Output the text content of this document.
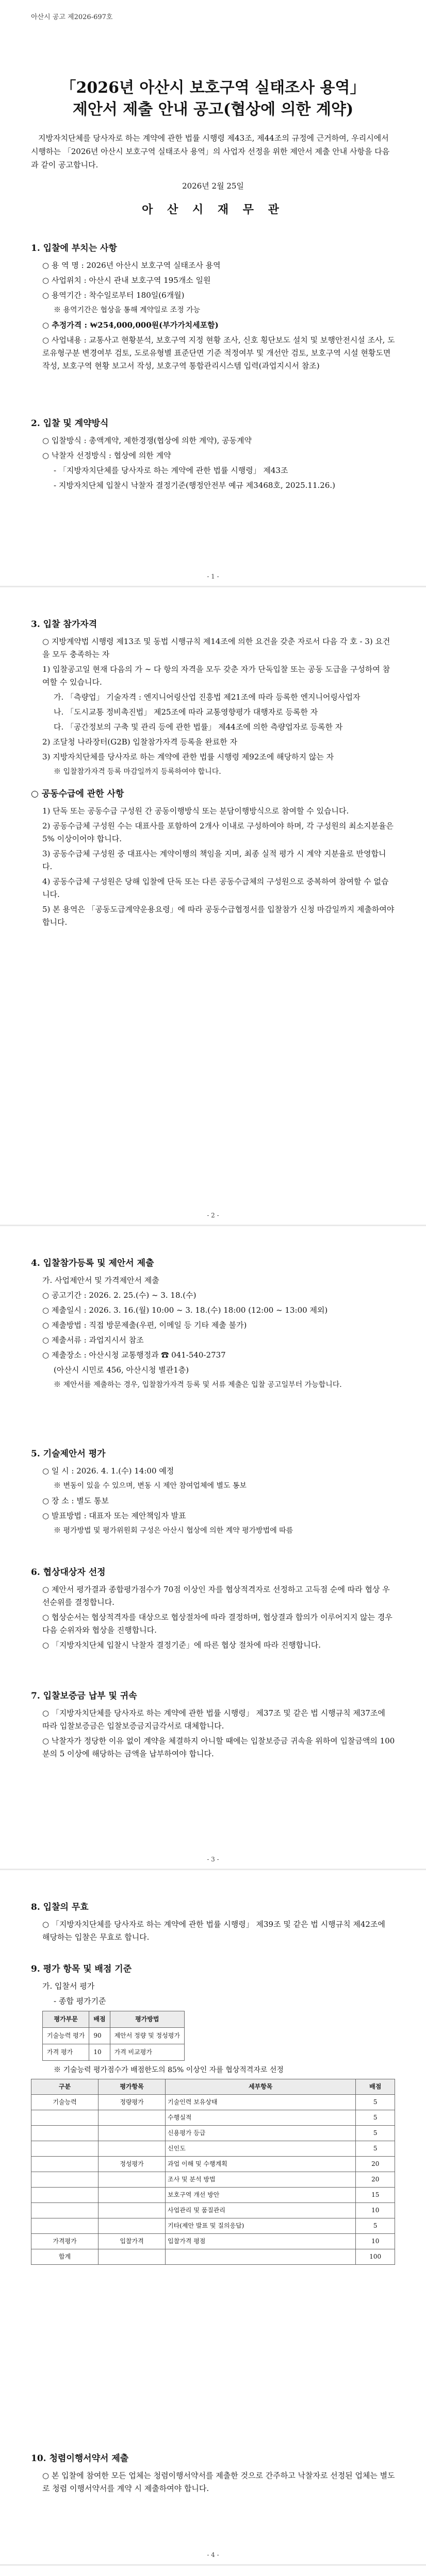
아산시 공고 제2026-697호
「2026년 아산시 보호구역 실태조사 용역」
제안서 제출 안내 공고(협상에 의한 계약)
지방자치단체를 당사자로 하는 계약에 관한 법률 시행령 제43조, 제44조의 규정에 근거하여, 우리시에서 시행하는 「2026년 아산시 보호구역 실태조사 용역」의 사업자 선정을 위한 제안서 제출 안내 사항을 다음과 같이 공고합니다.
2026년 2월 25일
아 산 시 재 무 관
1. 입찰에 부치는 사항

○ 용 역 명 : 2026년 아산시 보호구역 실태조사 용역

○ 사업위치 : 아산시 관내 보호구역 195개소 일원

○ 용역기간 : 착수일로부터 180일(6개월)

※ 용역기간은 협상을 통해 계약일로 조정 가능

○ 추정가격 : ₩254,000,000원(부가가치세포함)

○ 사업내용 : 교통사고 현황분석, 보호구역 지정 현황 조사, 신호 횡단보도 설치 및 보행안전시설 조사, 도로유형구분 변경여부 검토, 도로유형별 표준단면 기준 적정여부 및 개선안 검토, 보호구역 시설 현황도면 작성, 보호구역 현황 보고서 작성, 보호구역 통합관리시스템 입력(과업지시서 참조)

2. 입찰 및 계약방식

○ 입찰방식 : 총액계약, 제한경쟁(협상에 의한 계약), 공동계약

○ 낙찰자 선정방식 : 협상에 의한 계약

- 「지방자치단체를 당사자로 하는 계약에 관한 법률 시행령」 제43조

- 지방자치단체 입찰시 낙찰자 결정기준(행정안전부 예규 제3468호, 2025.11.26.)

- 1 -
3. 입찰 참가자격

○ 지방계약법 시행령 제13조 및 동법 시행규칙 제14조에 의한 요건을 갖춘 자로서 다음 각 호 - 3) 요건을 모두 충족하는 자

1) 입찰공고일 현재 다음의 가 ~ 다 항의 자격을 모두 갖춘 자가 단독입찰 또는 공동 도급을 구성하여 참여할 수 있습니다.

가. 「측량업」 기술자격 : 엔지니어링산업 진흥법 제21조에 따라 등록한 엔지니어링사업자

나. 「도시교통 정비촉진법」 제25조에 따라 교통영향평가 대행자로 등록한 자

다. 「공간정보의 구축 및 관리 등에 관한 법률」 제44조에 의한 측량업자로 등록한 자

2) 조달청 나라장터(G2B) 입찰참가자격 등록을 완료한 자

3) 지방자치단체를 당사자로 하는 계약에 관한 법률 시행령 제92조에 해당하지 않는 자

※ 입찰참가자격 등록 마감일까지 등록하여야 합니다.

○ 공동수급에 관한 사항

1) 단독 또는 공동수급 구성원 간 공동이행방식 또는 분담이행방식으로 참여할 수 있습니다.

2) 공동수급체 구성원 수는 대표사를 포함하여 2개사 이내로 구성하여야 하며, 각 구성원의 최소지분율은 5% 이상이어야 합니다.

3) 공동수급체 구성원 중 대표사는 계약이행의 책임을 지며, 최종 실적 평가 시 계약 지분율로 반영합니다.

4) 공동수급체 구성원은 당해 입찰에 단독 또는 다른 공동수급체의 구성원으로 중복하여 참여할 수 없습니다.

5) 본 용역은 「공동도급계약운용요령」에 따라 공동수급협정서를 입찰참가 신청 마감일까지 제출하여야 합니다.

- 2 -
4. 입찰참가등록 및 제안서 제출

가. 사업제안서 및 가격제안서 제출

○ 공고기간 : 2026. 2. 25.(수) ~ 3. 18.(수)

○ 제출일시 : 2026. 3. 16.(월) 10:00 ~ 3. 18.(수) 18:00 (12:00 ~ 13:00 제외)

○ 제출방법 : 직접 방문제출(우편, 이메일 등 기타 제출 불가)

○ 제출서류 : 과업지시서 참조

○ 제출장소 : 아산시청 교통행정과 ☎ 041-540-2737

(아산시 시민로 456, 아산시청 별관1층)

※ 제안서를 제출하는 경우, 입찰참가자격 등록 및 서류 제출은 입찰 공고일부터 가능합니다.

5. 기술제안서 평가

○ 일 시 : 2026. 4. 1.(수) 14:00 예정

※ 변동이 있을 수 있으며, 변동 시 제안 참여업체에 별도 통보

○ 장 소 : 별도 통보

○ 발표방법 : 대표자 또는 제안책임자 발표

※ 평가방법 및 평가위원회 구성은 아산시 협상에 의한 계약 평가방법에 따름

6. 협상대상자 선정

○ 제안서 평가결과 종합평가점수가 70점 이상인 자를 협상적격자로 선정하고 고득점 순에 따라 협상 우선순위를 결정합니다.

○ 협상순서는 협상적격자를 대상으로 협상절차에 따라 결정하며, 협상결과 합의가 이루어지지 않는 경우 다음 순위자와 협상을 진행합니다.

○ 「지방자치단체 입찰시 낙찰자 결정기준」에 따른 협상 절차에 따라 진행합니다.

7. 입찰보증금 납부 및 귀속

○ 「지방자치단체를 당사자로 하는 계약에 관한 법률 시행령」 제37조 및 같은 법 시행규칙 제37조에 따라 입찰보증금은 입찰보증금지급각서로 대체합니다.

○ 낙찰자가 정당한 이유 없이 계약을 체결하지 아니할 때에는 입찰보증금 귀속을 위하여 입찰금액의 100분의 5 이상에 해당하는 금액을 납부하여야 합니다.

- 3 -
8. 입찰의 무효

○ 「지방자치단체를 당사자로 하는 계약에 관한 법률 시행령」 제39조 및 같은 법 시행규칙 제42조에 해당하는 입찰은 무효로 합니다.

9. 평가 항목 및 배점 기준

가. 입찰서 평가

- 종합 평가기준

평가부문	배점	평가방법
기술능력 평가	90	제안서 정량 및 정성평가
가격 평가	10	가격 비교평가

※ 기술능력 평가점수가 배점한도의 85% 이상인 자를 협상적격자로 선정

구분	평가항목	세부항목	배점
기술능력	정량평가	기술인력 보유상태	5
		수행실적	5
		신용평가 등급	5
		신인도	5
	정성평가	과업 이해 및 수행계획	20
		조사 및 분석 방법	20
		보호구역 개선 방안	15
		사업관리 및 품질관리	10
		기타(제안 발표 및 질의응답)	5
가격평가	입찰가격	입찰가격 평점	10
합계			100
10. 청렴이행서약서 제출

○ 본 입찰에 참여한 모든 업체는 청렴이행서약서를 제출한 것으로 간주하고 낙찰자로 선정된 업체는 별도로 청렴 이행서약서를 계약 시 제출하여야 합니다.

- 4 -
